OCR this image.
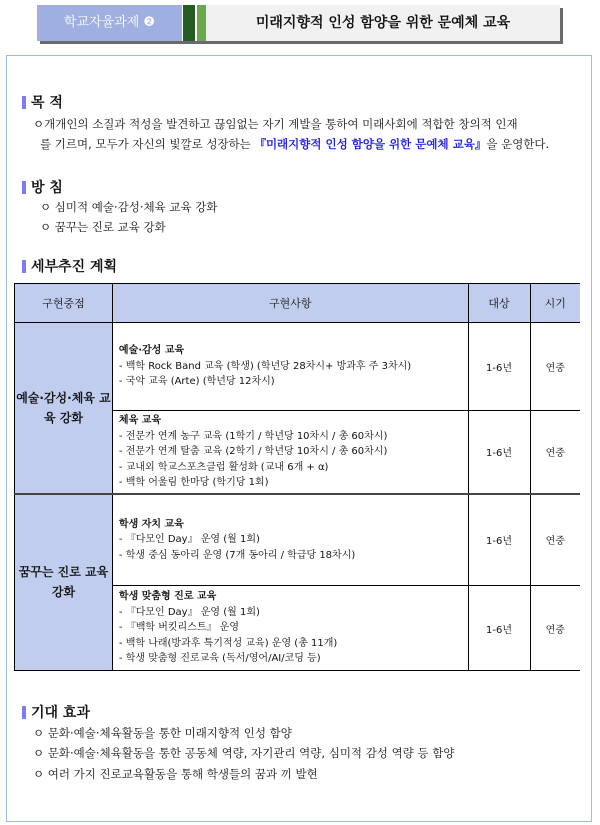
학교자율과제 ❷	미래지향적 인성 함양을 위한 문예체 교육
목 적
ㅇ개개인의 소질과 적성을 발견하고 끊임없는 자기 계발을 통하여 미래사회에 적합한 창의적 인재
를 기르며, 모두가 자신의 빛깔로 성장하는 『미래지향적 인성 함양을 위한 문예체 교육』을 운영한다.
방 침
ㅇ 심미적 예술·감성·체육 교육 강화
ㅇ 꿈꾸는 진로 교육 강화
세부추진 계획
구현중점	구현사항	대상	시기
예술·감성·체육 교육 강화	예술·감성 교육
- 백학 Rock Band 교육 (학생) (학년당 28차시+ 방과후 주 3차시)
- 국악 교육 (Arte) (학년당 12차시)	1-6년	연중

	체육 교육
- 전문가 연계 농구 교육 (1학기 / 학년당 10차시 / 총 60차시)
- 전문가 연계 탈춤 교육 (2학기 / 학년당 10차시 / 총 60차시)
- 교내외 학교스포츠클럽 활성화 (교내 6개 + α)
- 백학 어울림 한마당 (학기당 1회)	1-6년	연중
꿈꾸는 진로 교육 강화	학생 자치 교육
- 『다모인 Day』 운영 (월 1회)
- 학생 중심 동아리 운영 (7개 동아리 / 학급당 18차시)	1-6년	연중

	학생 맞춤형 진로 교육
- 『다모인 Day』 운영 (월 1회)
- 『백학 버킷리스트』 운영
- 백학 나래(방과후 특기적성 교육) 운영 (총 11개)
- 학생 맞춤형 진로교육 (독서/영어/AI/코딩 등)	1-6년	연중
기대 효과
ㅇ 문화·예술·체육활동을 통한 미래지향적 인성 함양
ㅇ 문화·예술·체육활동을 통한 공동체 역량, 자기관리 역량, 심미적 감성 역량 등 함양
ㅇ 여러 가지 진로교육활동을 통해 학생들의 꿈과 끼 발현
